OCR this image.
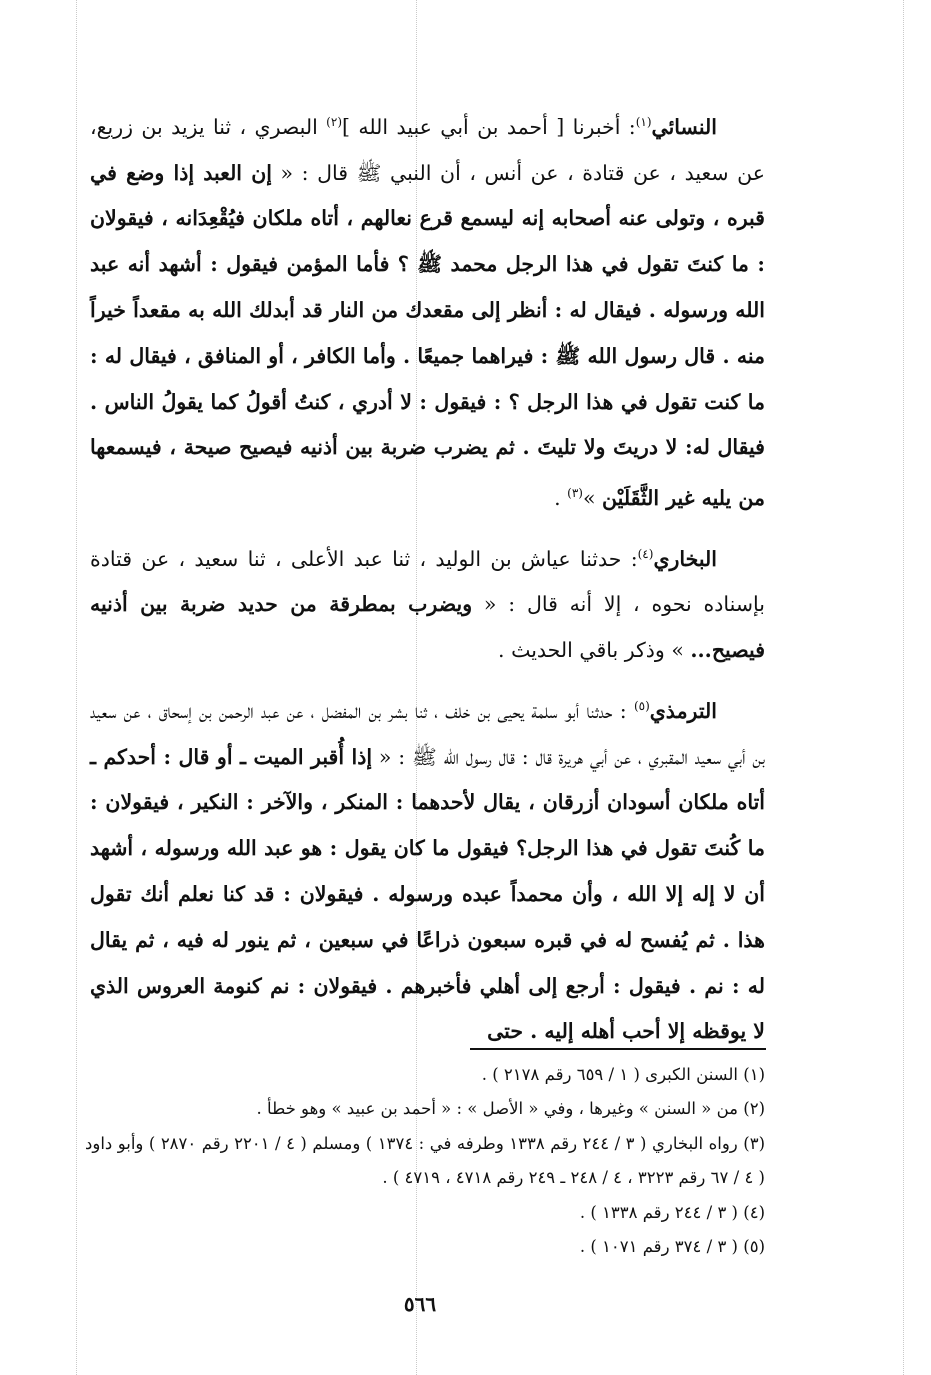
النسائي$^{(١)}$: أخبرنا [ أحمد بن أبي عبيد الله ]$^{(٢)}$ البصري ، ثنا يزيد بن زريع، عن سعيد ، عن قتادة ، عن أنس ، أن النبي ﷺ قال : « إن العبد إذا وضع في قبره ، وتولى عنه أصحابه إنه ليسمع قرع نعالهم ، أتاه ملكان فيُقْعِدَانه ، فيقولان : ما كنتَ تقول في هذا الرجل محمد ﷺ ؟ فأما المؤمن فيقول : أشهد أنه عبد الله ورسوله . فيقال له : أنظر إلى مقعدك من النار قد أبدلك الله به مقعداً خيراً منه . قال رسول الله ﷺ : فيراهما جميعًا . وأما الكافر ، أو المنافق ، فيقال له : ما كنت تقول في هذا الرجل ؟ : فيقول : لا أدري ، كنتُ أقولُ كما يقولُ الناس . فيقال له: لا دريتَ ولا تليتَ . ثم يضرب ضربة بين أذنيه فيصيح صيحة ، فيسمعها من يليه غير الثَّقَلَيْن »$^{(٣)}$ .

البخاري$^{(٤)}$: حدثنا عياش بن الوليد ، ثنا عبد الأعلى ، ثنا سعيد ، عن قتادة بإسناده نحوه ، إلا أنه قال : « ويضرب بمطرقة من حديد ضربة بين أذنيه فيصيح... » وذكر باقي الحديث .

الترمذي$^{(٥)}$ : حدثنا أبو سلمة يحيى بن خلف ، ثنا بشر بن المفضل ، عن عبد الرحمن بن إسحاق ، عن سعيد بن أبي سعيد المقبري ، عن أبي هريرة قال : قال رسول الله ﷺ : « إذا أُقبر الميت ـ أو قال : أحدكم ـ أتاه ملكان أسودان أزرقان ، يقال لأحدهما : المنكر ، والآخر : النكير ، فيقولان : ما كُنتَ تقول في هذا الرجل؟ فيقول ما كان يقول : هو عبد الله ورسوله ، أشهد أن لا إله إلا الله ، وأن محمداً عبده ورسوله . فيقولان : قد كنا نعلم أنك تقول هذا . ثم يُفسح له في قبره سبعون ذراعًا في سبعين ، ثم ينور له فيه ، ثم يقال له : نم . فيقول : أرجع إلى أهلي فأخبرهم . فيقولان : نم كنومة العروس الذي لا يوقظه إلا أحب أهله إليه . حتى

(١) السنن الكبرى ( ١ / ٦٥٩ رقم ٢١٧٨ ) .
(٢) من « السنن » وغيرها ، وفي « الأصل » : « أحمد بن عبيد » وهو خطأ .
(٣) رواه البخاري ( ٣ / ٢٤٤ رقم ١٣٣٨ وطرفه في : ١٣٧٤ ) ومسلم ( ٤ / ٢٢٠١ رقم ٢٨٧٠ ) وأبو داود ( ٤ / ٦٧ رقم ٣٢٢٣ ، ٤ / ٢٤٨ ـ ٢٤٩ رقم ٤٧١٨ ، ٤٧١٩ ) .
(٤) ( ٣ / ٢٤٤ رقم ١٣٣٨ ) .
(٥) ( ٣ / ٣٧٤ رقم ١٠٧١ ) .
٥٦٦
